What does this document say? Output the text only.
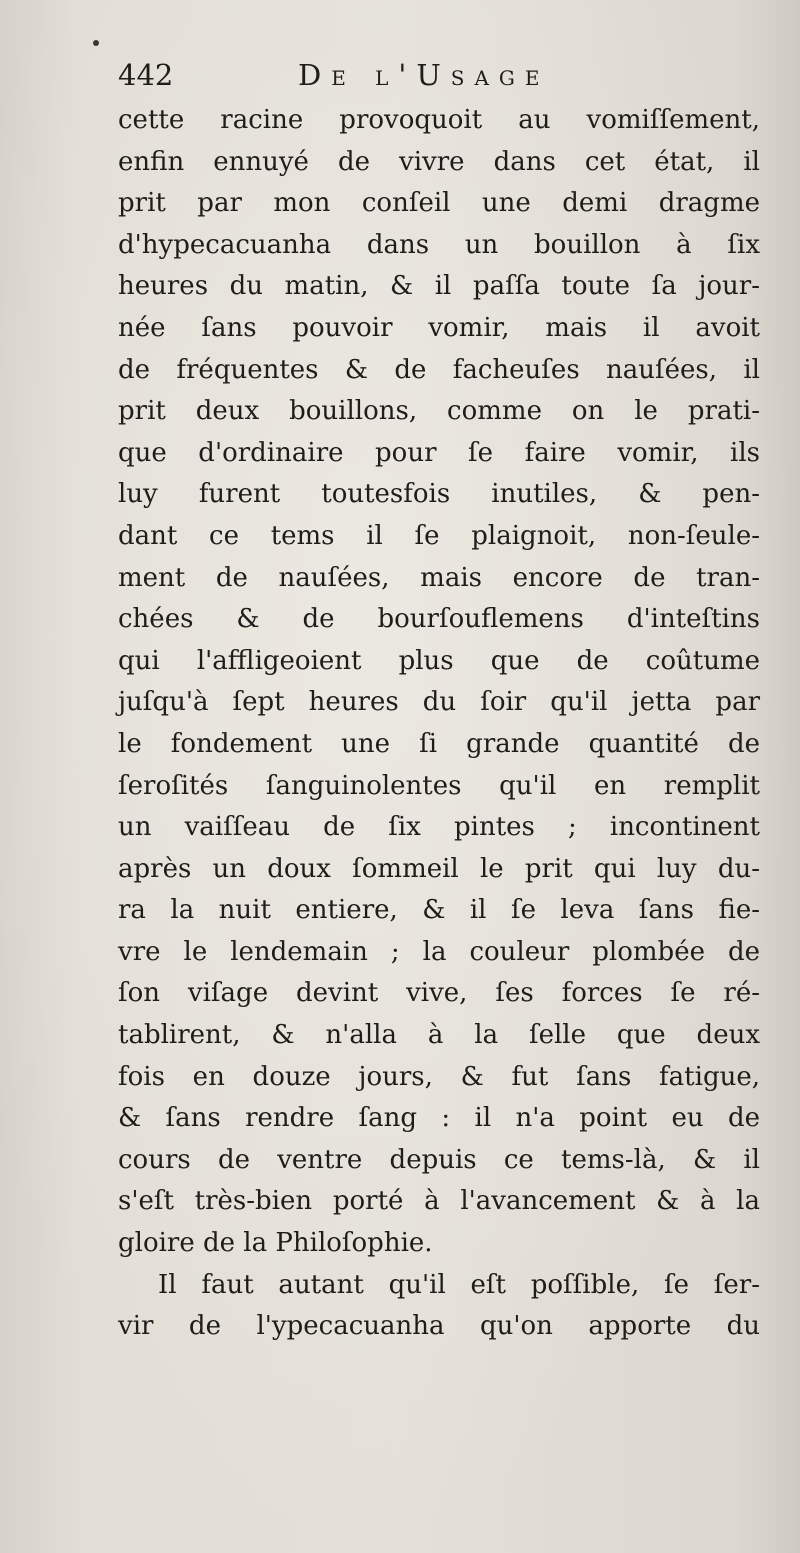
442	De l'Usage
cette racine provoquoit au vomiſſement,
enfin ennuyé de vivre dans cet état, il
prit par mon conſeil une demi dragme
d'hypecacuanha dans un bouillon à ſix
heures du matin, & il paſſa toute ſa jour-
née ſans pouvoir vomir, mais il avoit
de fréquentes & de facheuſes nauſées, il
prit deux bouillons, comme on le prati-
que d'ordinaire pour ſe faire vomir, ils
luy furent toutesfois inutiles, & pen-
dant ce tems il ſe plaignoit, non-ſeule-
ment de nauſées, mais encore de tran-
chées & de bourſouflemens d'inteſtins
qui l'affligeoient plus que de coûtume
juſqu'à ſept heures du ſoir qu'il jetta par
le fondement une ſi grande quantité de
ſeroſités ſanguinolentes qu'il en remplit
un vaiſſeau de ſix pintes ; incontinent
après un doux ſommeil le prit qui luy du-
ra la nuit entiere, & il ſe leva ſans fie-
vre le lendemain ; la couleur plombée de
ſon viſage devint vive, ſes forces ſe ré-
tablirent, & n'alla à la ſelle que deux
fois en douze jours, & fut ſans fatigue,
& ſans rendre ſang : il n'a point eu de
cours de ventre depuis ce tems-là, & il
s'eſt très-bien porté à l'avancement & à la
gloire de la Philoſophie.
Il faut autant qu'il eſt poſſible, ſe ſer-
vir de l'ypecacuanha qu'on apporte du
